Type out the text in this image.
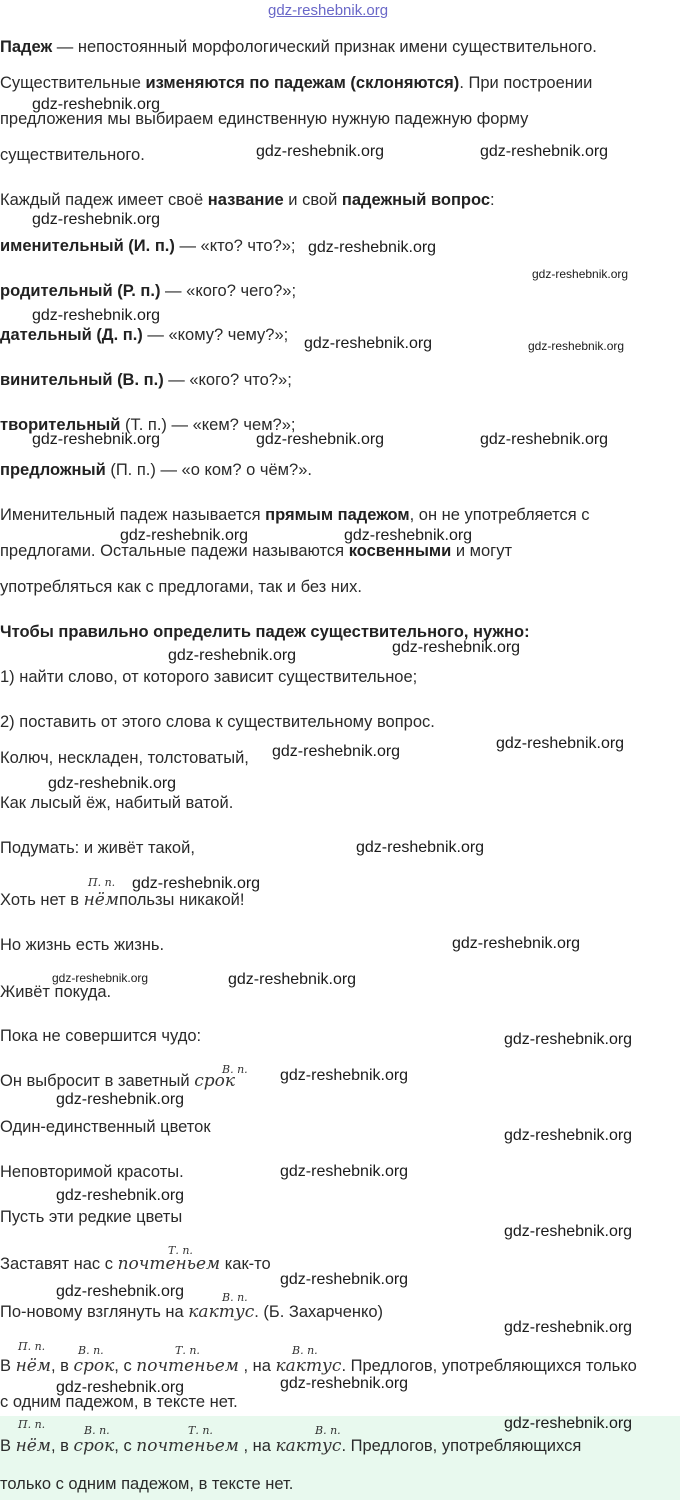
gdz-reshebnik.org
Падеж — непостоянный морфологический признак имени существительного.
Существительные изменяются по падежам (склоняются). При построении
предложения мы выбираем единственную нужную падежную форму
существительного.
Каждый падеж имеет своё название и свой падежный вопрос:
именительный (И. п.) — «кто? что?»;
родительный (Р. п.) — «кого? чего?»;
дательный (Д. п.) — «кому? чему?»;
винительный (В. п.) — «кого? что?»;
творительный (Т. п.) — «кем? чем?»;
предложный (П. п.) — «о ком? о чём?».
Именительный падеж называется прямым падежом, он не употребляется с
предлогами. Остальные падежи называются косвенными и могут
употребляться как с предлогами, так и без них.
Чтобы правильно определить падеж существительного, нужно:
1) найти слово, от которого зависит существительное;
2) поставить от этого слова к существительному вопрос.
Колюч, нескладен, толстоватый,
Как лысый ёж, набитый ватой.
Подумать: и живёт такой,
П. п.
Хоть нет в нёмпользы никакой!
Но жизнь есть жизнь.
Живёт покуда.
Пока не совершится чудо:
В. п.
Он выбросит в заветный срок
Один-единственный цветок
Неповторимой красоты.
Пусть эти редкие цветы
Т. п.
Заставят нас с почтеньем как-то
В. п.
По-новому взглянуть на кактус. (Б. Захарченко)
П. п.	В. п.	Т. п.	В. п.
В нём, в срок, с почтеньем , на кактус. Предлогов, употребляющихся только
с одним падежом, в тексте нет.
П. п.	В. п.	Т. п.	В. п.
В нём, в срок, с почтеньем , на кактус. Предлогов, употребляющихся
только с одним падежом, в тексте нет.
gdz-reshebnik.org
gdz-reshebnik.org	gdz-reshebnik.org
gdz-reshebnik.org
gdz-reshebnik.org
gdz-reshebnik.org
gdz-reshebnik.org
gdz-reshebnik.org	gdz-reshebnik.org
gdz-reshebnik.org	gdz-reshebnik.org	gdz-reshebnik.org
gdz-reshebnik.org	gdz-reshebnik.org
gdz-reshebnik.org
gdz-reshebnik.org
gdz-reshebnik.org
gdz-reshebnik.org
gdz-reshebnik.org
gdz-reshebnik.org
gdz-reshebnik.org
gdz-reshebnik.org
gdz-reshebnik.org	gdz-reshebnik.org
gdz-reshebnik.org
gdz-reshebnik.org
gdz-reshebnik.org
gdz-reshebnik.org
gdz-reshebnik.org
gdz-reshebnik.org
gdz-reshebnik.org
gdz-reshebnik.org
gdz-reshebnik.org
gdz-reshebnik.org
gdz-reshebnik.org
gdz-reshebnik.org
gdz-reshebnik.org
